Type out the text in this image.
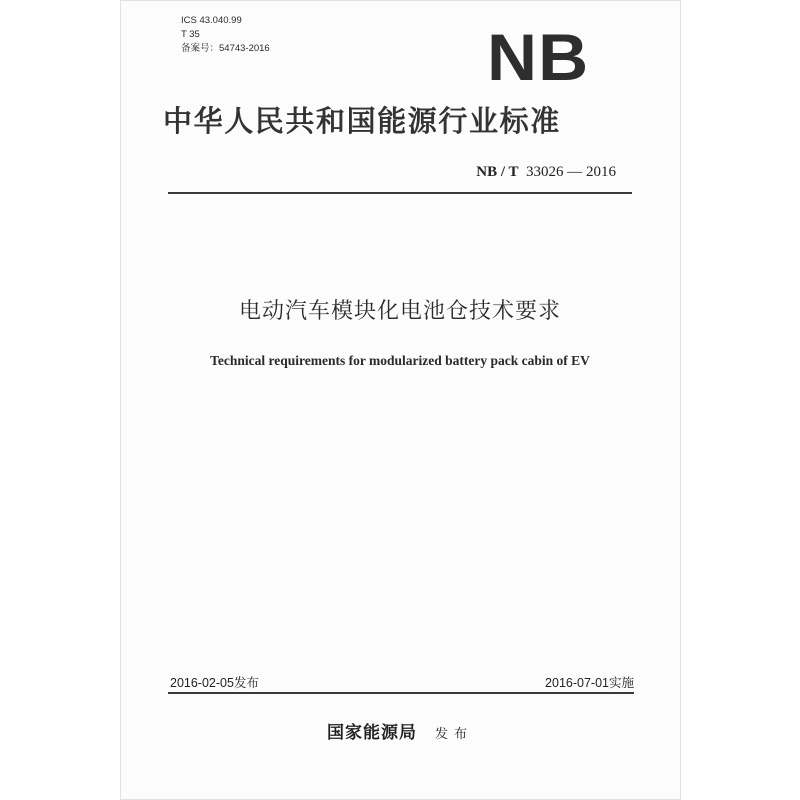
ICS 43.040.99
T 35
备案号：54743-2016	NB
中华人民共和国能源行业标准
NB / T 33026 — 2016
电动汽车模块化电池仓技术要求
Technical requirements for modularized battery pack cabin of EV
2016-02-05发布	2016-07-01实施
国家能源局 发布
